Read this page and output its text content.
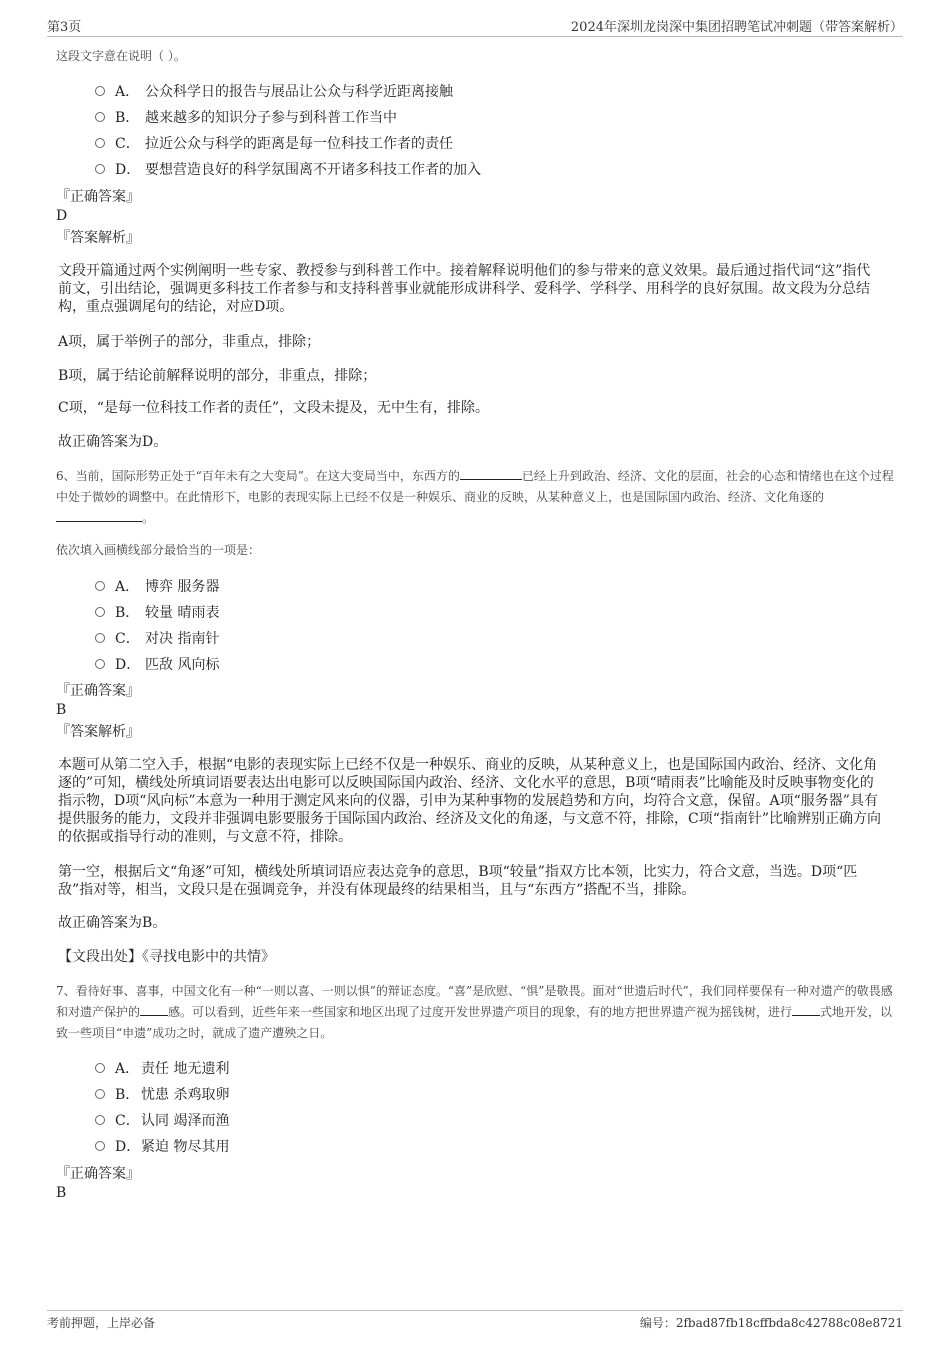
第3页	2024年深圳龙岗深中集团招聘笔试冲刺题（带答案解析）
这段文字意在说明（ ）。
A． 公众科学日的报告与展品让公众与科学近距离接触
B． 越来越多的知识分子参与到科普工作当中
C． 拉近公众与科学的距离是每一位科技工作者的责任
D． 要想营造良好的科学氛围离不开诸多科技工作者的加入
『正确答案』
D
『答案解析』
文段开篇通过两个实例阐明一些专家、教授参与到科普工作中。接着解释说明他们的参与带来的意义效果。最后通过指代词“这”指代前文，引出结论，强调更多科技工作者参与和支持科普事业就能形成讲科学、爱科学、学科学、用科学的良好氛围。故文段为分总结构，重点强调尾句的结论，对应D项。
A项，属于举例子的部分，非重点，排除；
B项，属于结论前解释说明的部分，非重点，排除；
C项，“是每一位科技工作者的责任”，文段未提及，无中生有，排除。
故正确答案为D。
6、当前，国际形势正处于“百年未有之大变局”。在这大变局当中，东西方的	已经上升到政治、经济、文化的层面，社会的心态和情绪也在这个过程中处于微妙的调整中。在此情形下，电影的表现实际上已经不仅是一种娱乐、商业的反映，从某种意义上，也是国际国内政治、经济、文化角逐的。
依次填入画横线部分最恰当的一项是：
A． 博弈 服务器
B． 较量 晴雨表
C． 对决 指南针
D． 匹敌 风向标
『正确答案』
B
『答案解析』
本题可从第二空入手，根据“电影的表现实际上已经不仅是一种娱乐、商业的反映，从某种意义上，也是国际国内政治、经济、文化角逐的”可知，横线处所填词语要表达出电影可以反映国际国内政治、经济、文化水平的意思，B项“晴雨表”比喻能及时反映事物变化的指示物，D项“风向标”本意为一种用于测定风来向的仪器，引申为某种事物的发展趋势和方向，均符合文意，保留。A项“服务器”具有提供服务的能力，文段并非强调电影要服务于国际国内政治、经济及文化的角逐，与文意不符，排除，C项“指南针”比喻辨别正确方向的依据或指导行动的准则，与文意不符，排除。
第一空，根据后文“角逐”可知，横线处所填词语应表达竞争的意思，B项“较量”指双方比本领，比实力，符合文意，当选。D项“匹敌”指对等，相当，文段只是在强调竞争，并没有体现最终的结果相当，且与“东西方”搭配不当，排除。
故正确答案为B。
【文段出处】《寻找电影中的共情》
7、看待好事、喜事，中国文化有一种“一则以喜、一则以惧”的辩证态度。“喜”是欣慰、“惧”是敬畏。面对“世遗后时代”，我们同样要保有一种对遗产的敬畏感和对遗产保护的 感。可以看到，近些年来一些国家和地区出现了过度开发世界遗产项目的现象，有的地方把世界遗产视为摇钱树，进行 式地开发，以致一些项目“申遗”成功之时，就成了遗产遭殃之日。
A． 责任 地无遗利
B． 忧患 杀鸡取卵
C．认同 竭泽而渔
D．紧迫 物尽其用
『正确答案』
B
考前押题，上岸必备	编号：2fbad87fb18cffbda8c42788c08e8721
